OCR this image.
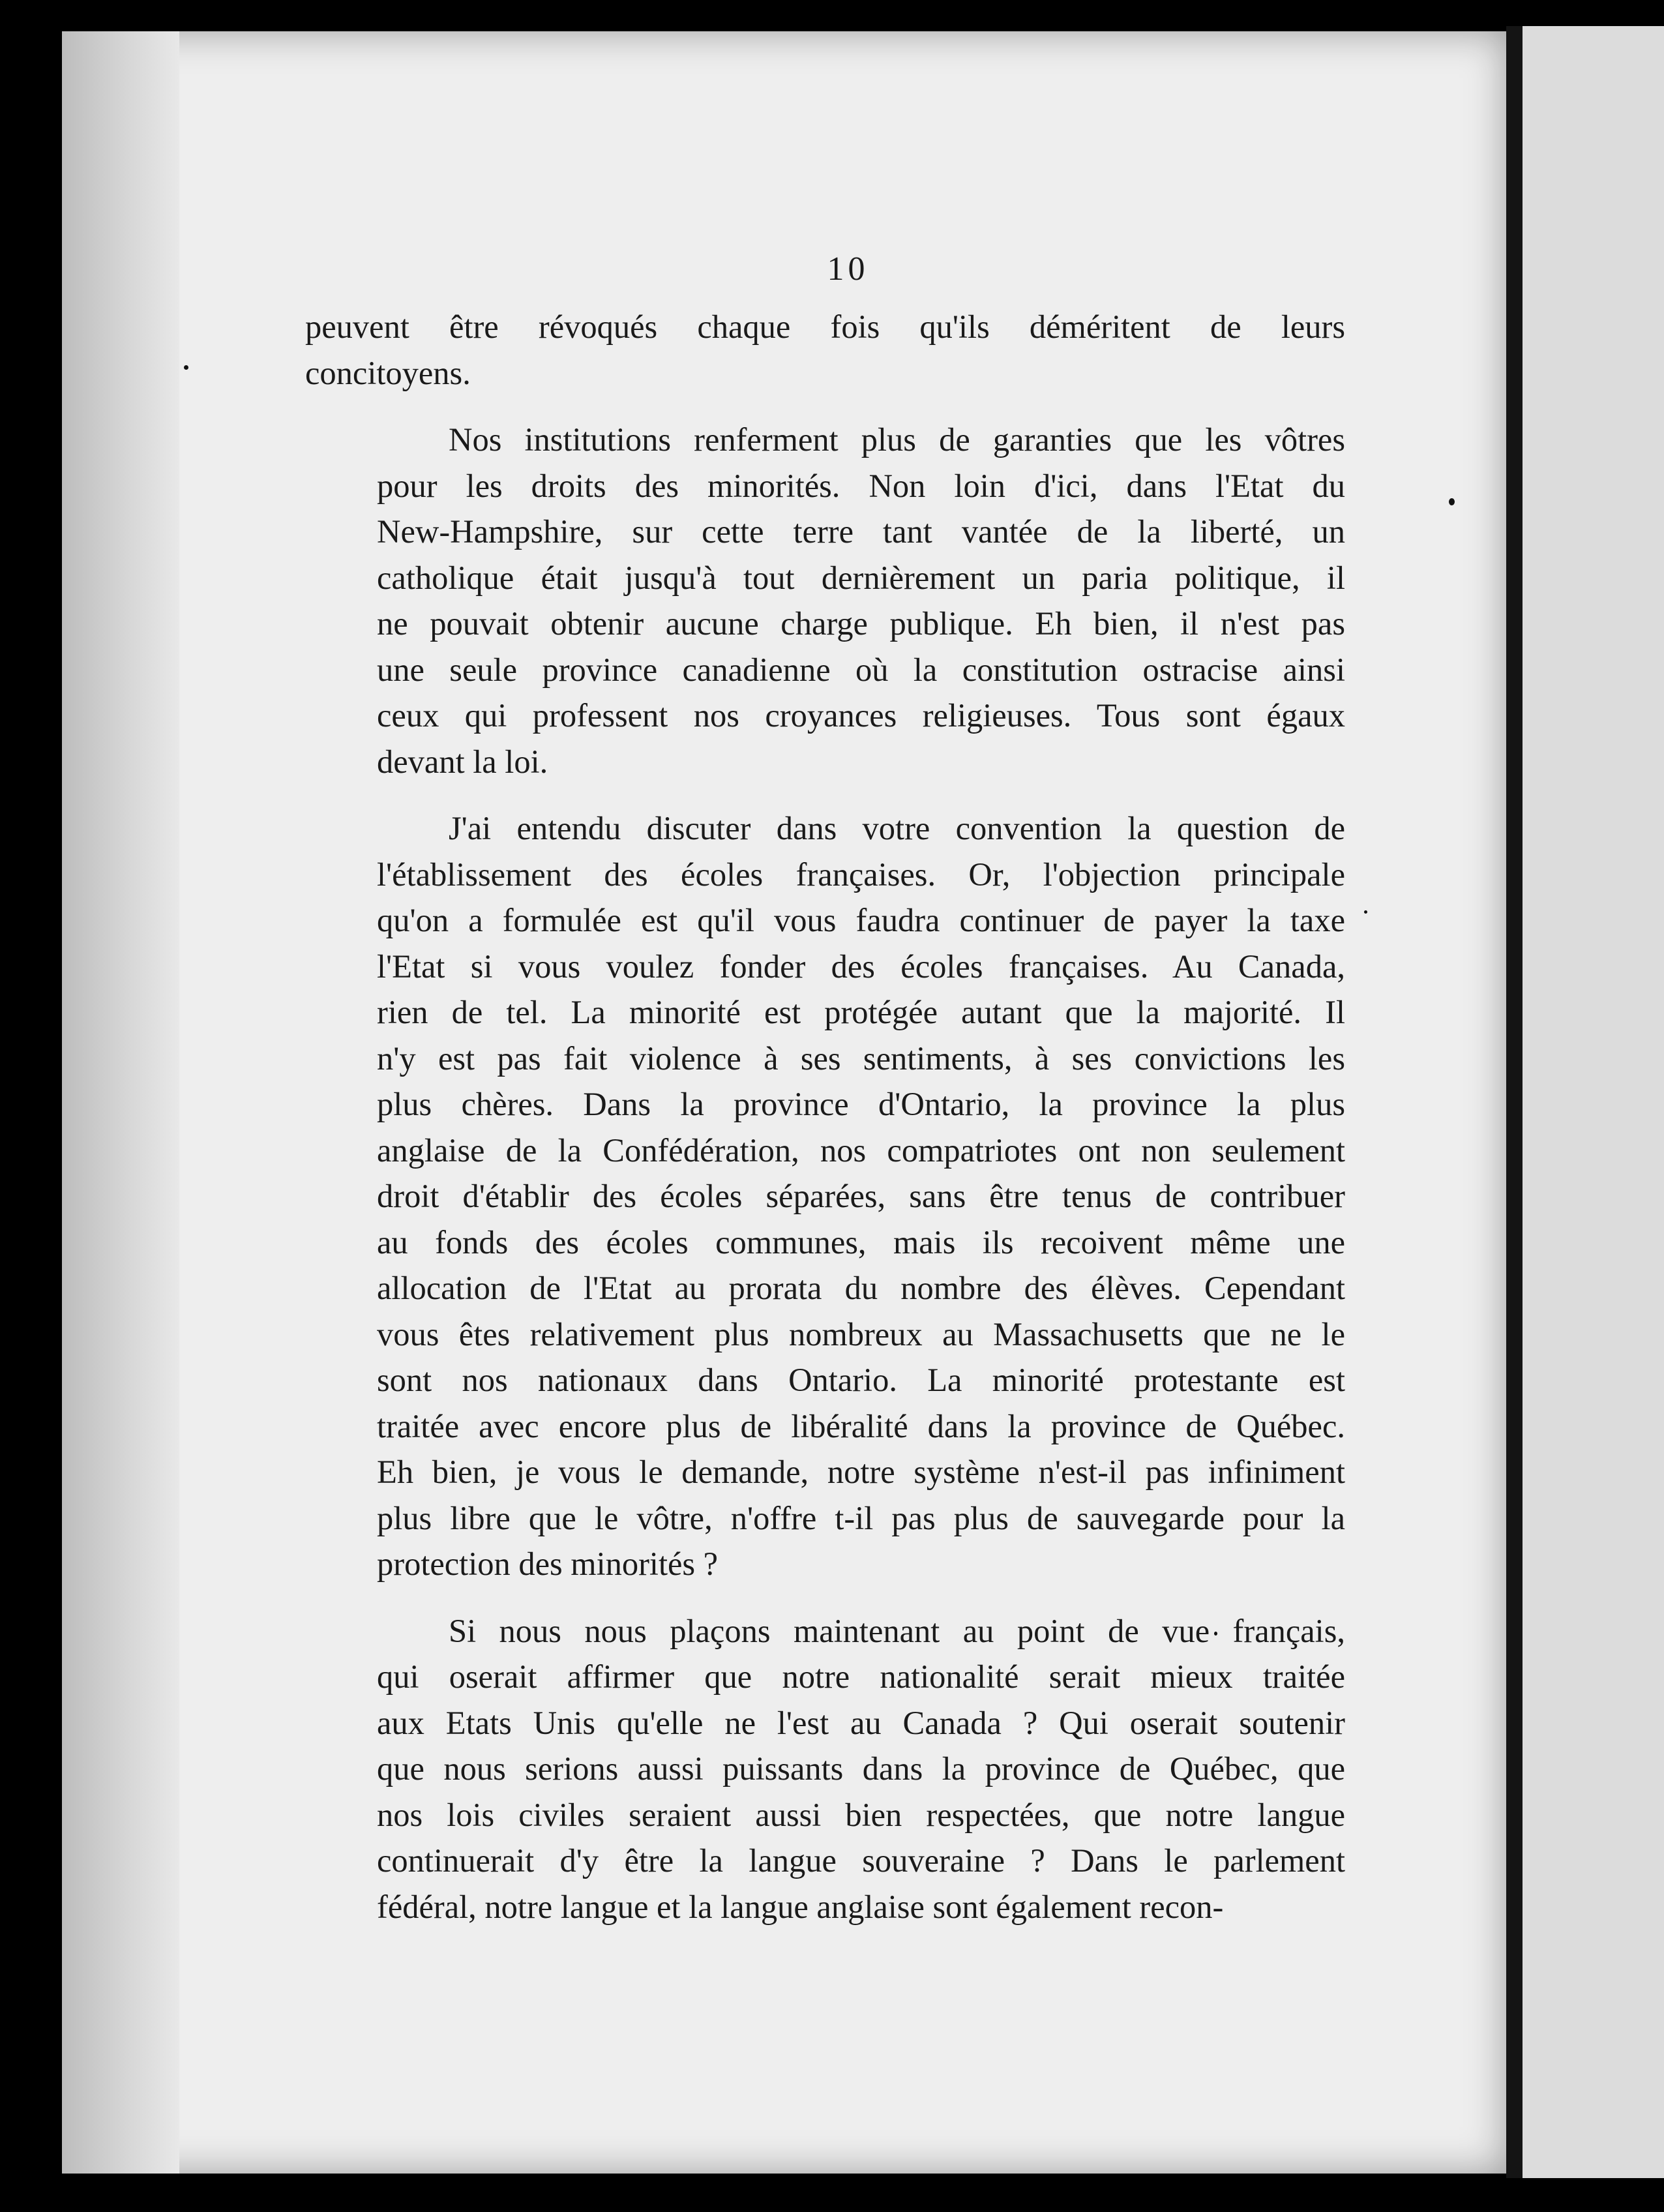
10
peuvent être révoqués chaque fois qu'ils déméritent de leurs
concitoyens.
Nos institutions renferment plus de garanties que les vôtres
pour les droits des minorités. Non loin d'ici, dans l'Etat du
New-Hampshire, sur cette terre tant vantée de la liberté, un
catholique était jusqu'à tout dernièrement un paria politique, il
ne pouvait obtenir aucune charge publique. Eh bien, il n'est pas
une seule province canadienne où la constitution ostracise ainsi
ceux qui professent nos croyances religieuses. Tous sont égaux
devant la loi.
J'ai entendu discuter dans votre convention la question de
l'établissement des écoles françaises. Or, l'objection principale
qu'on a formulée est qu'il vous faudra continuer de payer la taxe
l'Etat si vous voulez fonder des écoles françaises. Au Canada,
rien de tel. La minorité est protégée autant que la majorité. Il
n'y est pas fait violence à ses sentiments, à ses convictions les
plus chères. Dans la province d'Ontario, la province la plus
anglaise de la Confédération, nos compatriotes ont non seulement
droit d'établir des écoles séparées, sans être tenus de contribuer
au fonds des écoles communes, mais ils recoivent même une
allocation de l'Etat au prorata du nombre des élèves. Cependant
vous êtes relativement plus nombreux au Massachusetts que ne le
sont nos nationaux dans Ontario. La minorité protestante est
traitée avec encore plus de libéralité dans la province de Québec.
Eh bien, je vous le demande, notre système n'est-il pas infiniment
plus libre que le vôtre, n'offre t-il pas plus de sauvegarde pour la
protection des minorités ?
Si nous nous plaçons maintenant au point de vue français,
qui oserait affirmer que notre nationalité serait mieux traitée
aux Etats Unis qu'elle ne l'est au Canada ? Qui oserait soutenir
que nous serions aussi puissants dans la province de Québec, que
nos lois civiles seraient aussi bien respectées, que notre langue
continuerait d'y être la langue souveraine ? Dans le parlement
fédéral, notre langue et la langue anglaise sont également recon-
